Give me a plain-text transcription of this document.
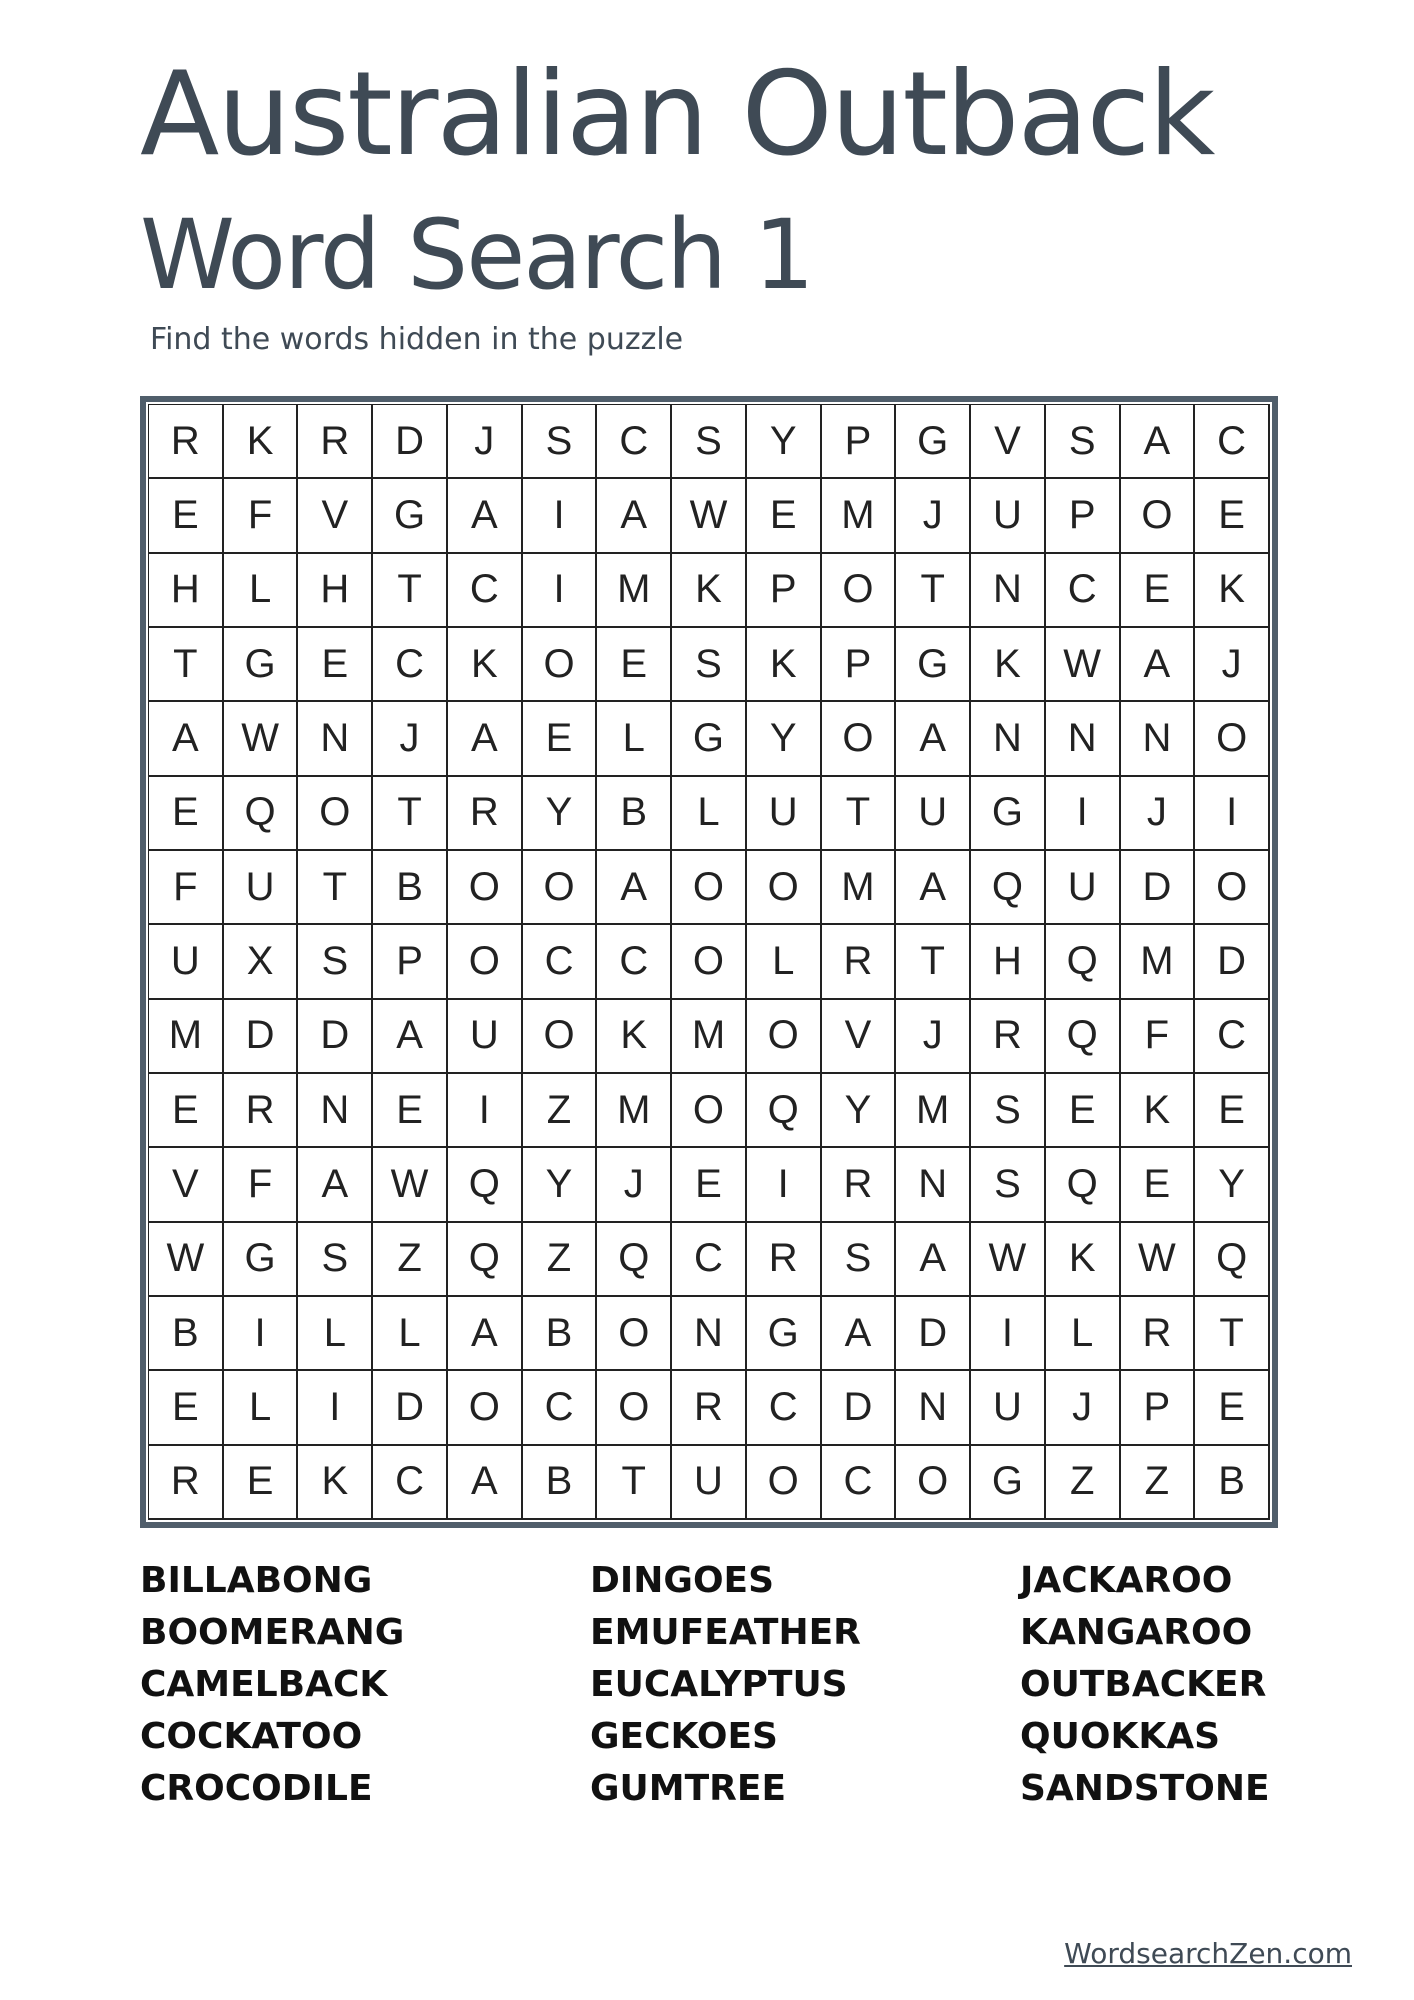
Australian Outback
Word Search 1

Find the words hidden in the puzzle

R	K	R	D	J	S	C	S	Y	P	G	V	S	A	C
E	F	V	G	A	I	A	W	E	M	J	U	P	O	E
H	L	H	T	C	I	M	K	P	O	T	N	C	E	K
T	G	E	C	K	O	E	S	K	P	G	K	W	A	J
A	W	N	J	A	E	L	G	Y	O	A	N	N	N	O
E	Q	O	T	R	Y	B	L	U	T	U	G	I	J	I
F	U	T	B	O	O	A	O	O	M	A	Q	U	D	O
U	X	S	P	O	C	C	O	L	R	T	H	Q	M	D
M	D	D	A	U	O	K	M	O	V	J	R	Q	F	C
E	R	N	E	I	Z	M	O	Q	Y	M	S	E	K	E
V	F	A	W	Q	Y	J	E	I	R	N	S	Q	E	Y
W	G	S	Z	Q	Z	Q	C	R	S	A	W	K	W	Q
B	I	L	L	A	B	O	N	G	A	D	I	L	R	T
E	L	I	D	O	C	O	R	C	D	N	U	J	P	E
R	E	K	C	A	B	T	U	O	C	O	G	Z	Z	B
BILLABONG
BOOMERANG
CAMELBACK
COCKATOO
CROCODILE
DINGOES
EMUFEATHER
EUCALYPTUS
GECKOES
GUMTREE
JACKAROO
KANGAROO
OUTBACKER
QUOKKAS
SANDSTONE
WordsearchZen.com
